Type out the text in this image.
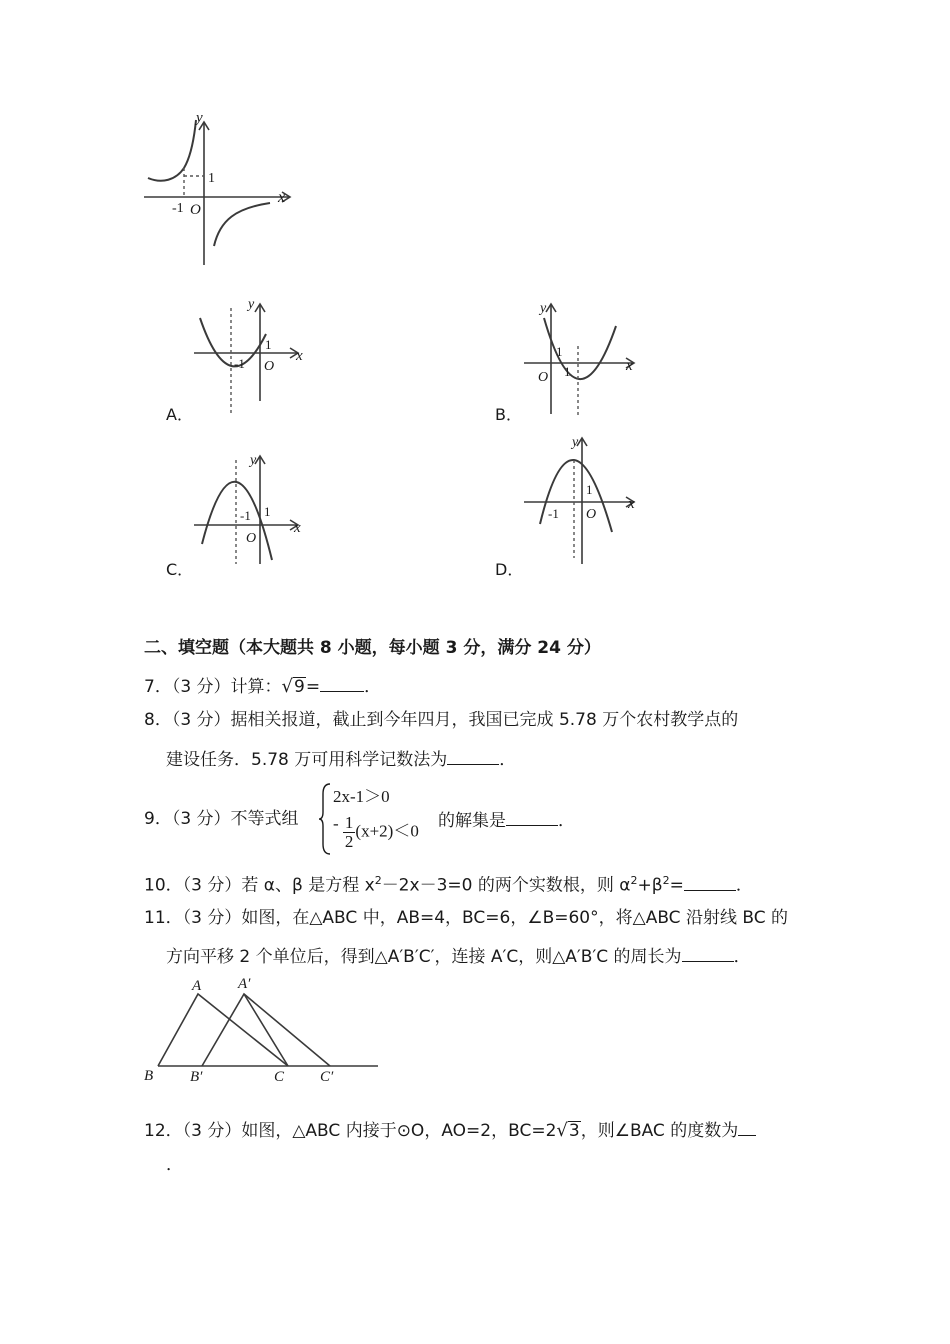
y
x
1
-1 O
A．
y
x
1
-1 O
B．
y
x
1
1
O
C．
y
x
1
-1
O
D．
y
x
1
-1 O
二、填空题（本大题共 8 小题，每小题 3 分，满分 24 分）
7．（3 分）计算：√9=	．
8．（3 分）据相关报道，截止到今年四月，我国已完成 5.78 万个农村教学点的
建设任务．5.78 万可用科学记数法为	．
9．（3 分）不等式组
2x-1＞0
- $\frac{1}{2} (x+2)<0$ 的解集是	．
10．（3 分）若 α、β 是方程 $x^2-2x-3=0$ 的两个实数根，则 $\alpha^2+\beta^2=$	．
11．（3 分）如图，在△ABC 中，AB=4，BC=6，∠B=60°，将△ABC 沿射线 BC 的
方向平移 2 个单位后，得到△A′B′C′，连接 A′C，则△A′B′C 的周长为	．
A A′
B B′	C C′
12．（3 分）如图，△ABC 内接于⊙O，AO=2，BC=2√3，则∠BAC 的度数为
．
